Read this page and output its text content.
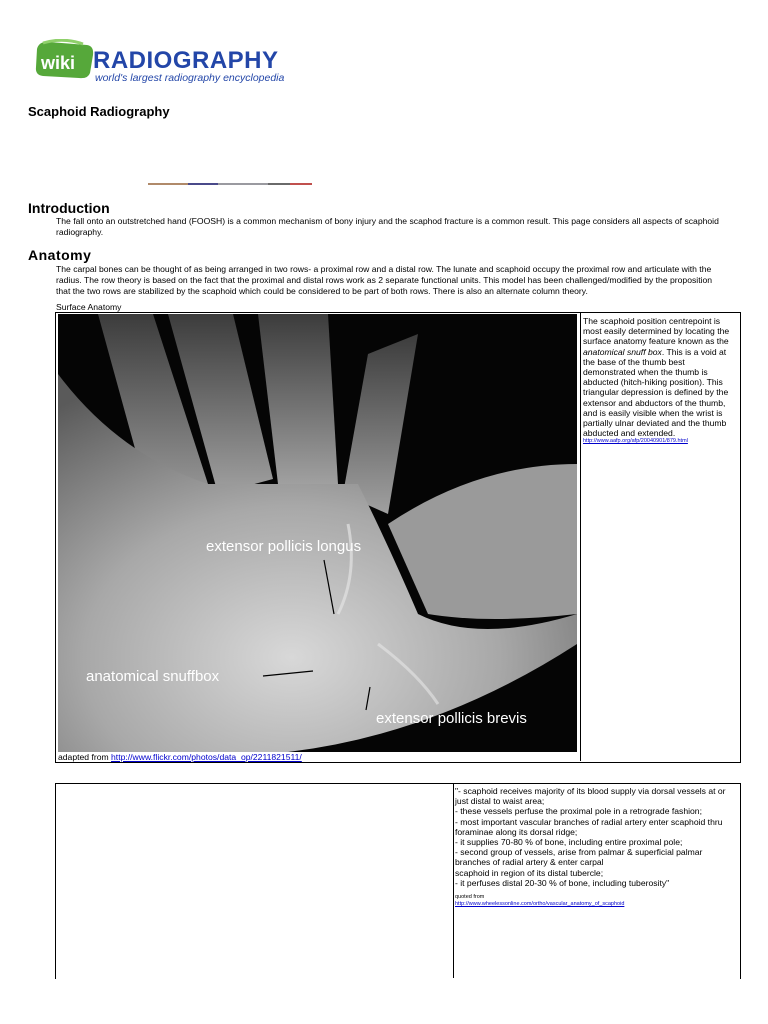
wiki RADIOGRAPHY
world's largest radiography encyclopedia
Scaphoid Radiography
Introduction
The fall onto an outstretched hand (FOOSH) is a common mechanism of bony injury and the scaphod fracture is a common result. This page considers all aspects of scaphoid radiography.
Anatomy
The carpal bones can be thought of as being arranged in two rows- a proximal row and a distal row. The lunate and scaphoid occupy the proximal row and articulate with the radius. The row theory is based on the fact that the proximal and distal rows work as 2 separate functional units. This model has been challenged/modified by the proposition that the two rows are stabilized by the scaphoid which could be considered to be part of both rows. There is also an alternate column theory.
Surface Anatomy
extensor pollicis longus
anatomical snuffbox
extensor pollicis brevis
adapted from http://www.flickr.com/photos/data_op/2211821511/
The scaphoid position centrepoint is most easily determined by locating the surface anatomy feature known as the anatomical snuff box. This is a void at the base of the thumb best demonstrated when the thumb is abducted (hitch-hiking position). This triangular depression is defined by the extensor and abductors of the thumb, and is easily visible when the wrist is partially ulnar deviated and the thumb abducted and extended.
http://www.aafp.org/afp/20040901/879.html
"- scaphoid receives majority of its blood supply via dorsal vessels at or just distal to waist area;
- these vessels perfuse the proximal pole in a retrograde fashion;
- most important vascular branches of radial artery enter scaphoid thru foraminae along its dorsal ridge;
- it supplies 70-80 % of bone, including entire proximal pole;
- second group of vessels, arise from palmar & superficial palmar branches of radial artery & enter carpal
scaphoid in region of its distal tubercle;
- it perfuses distal 20-30 % of bone, including tuberosity"
quoted from
http://www.wheelessonline.com/ortho/vascular_anatomy_of_scaphoid
